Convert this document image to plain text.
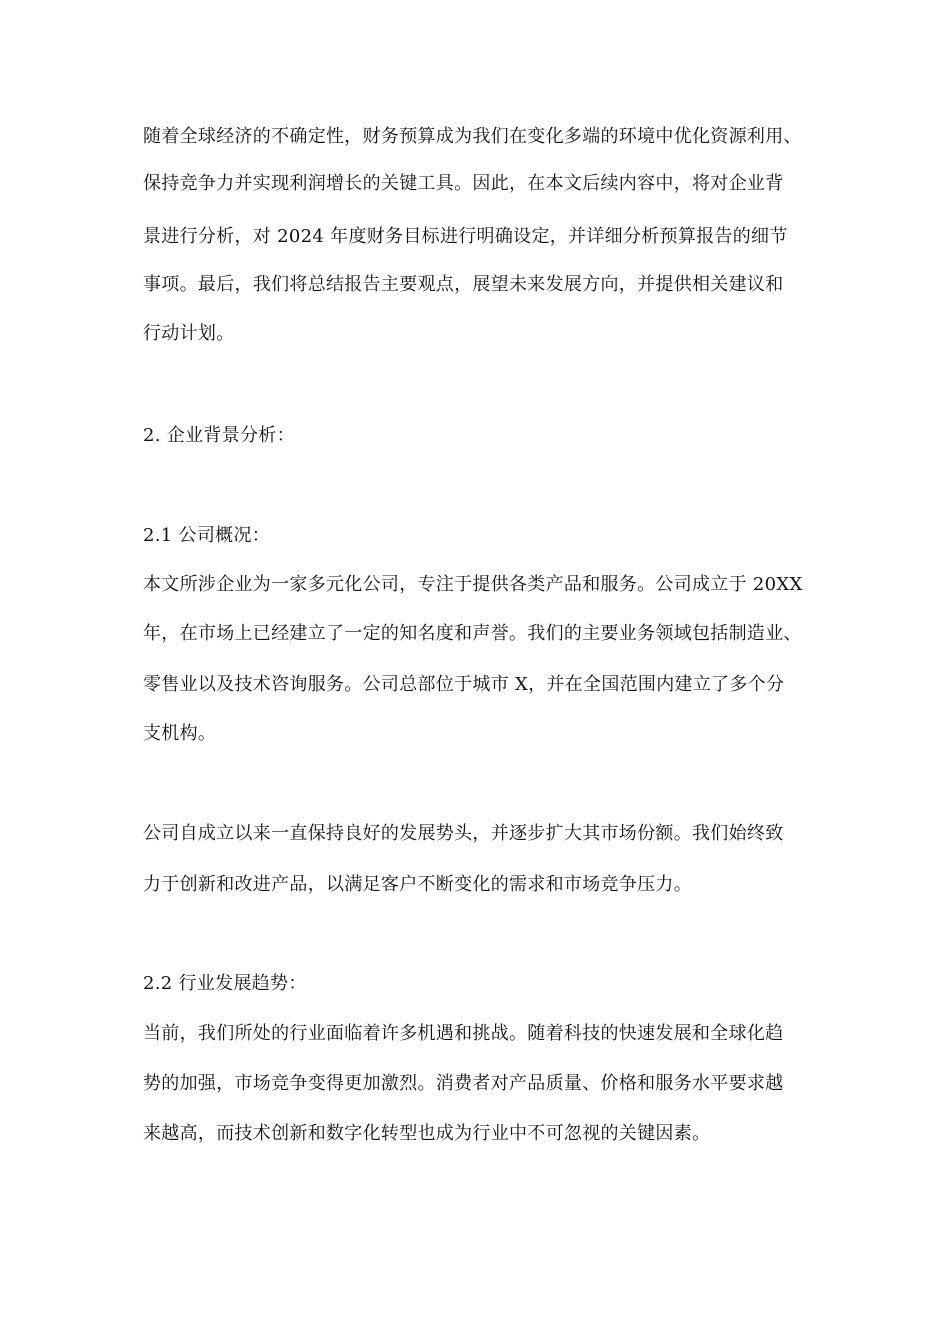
随着全球经济的不确定性，财务预算成为我们在变化多端的环境中优化资源利用、
保持竞争力并实现利润增长的关键工具。因此，在本文后续内容中，将对企业背
景进行分析，对 2024 年度财务目标进行明确设定，并详细分析预算报告的细节
事项。最后，我们将总结报告主要观点，展望未来发展方向，并提供相关建议和
行动计划。
2. 企业背景分析：
2.1 公司概况：
本文所涉企业为一家多元化公司，专注于提供各类产品和服务。公司成立于 20XX
年，在市场上已经建立了一定的知名度和声誉。我们的主要业务领域包括制造业、
零售业以及技术咨询服务。公司总部位于城市 X，并在全国范围内建立了多个分
支机构。
公司自成立以来一直保持良好的发展势头，并逐步扩大其市场份额。我们始终致
力于创新和改进产品，以满足客户不断变化的需求和市场竞争压力。
2.2 行业发展趋势：
当前，我们所处的行业面临着许多机遇和挑战。随着科技的快速发展和全球化趋
势的加强，市场竞争变得更加激烈。消费者对产品质量、价格和服务水平要求越
来越高，而技术创新和数字化转型也成为行业中不可忽视的关键因素。
